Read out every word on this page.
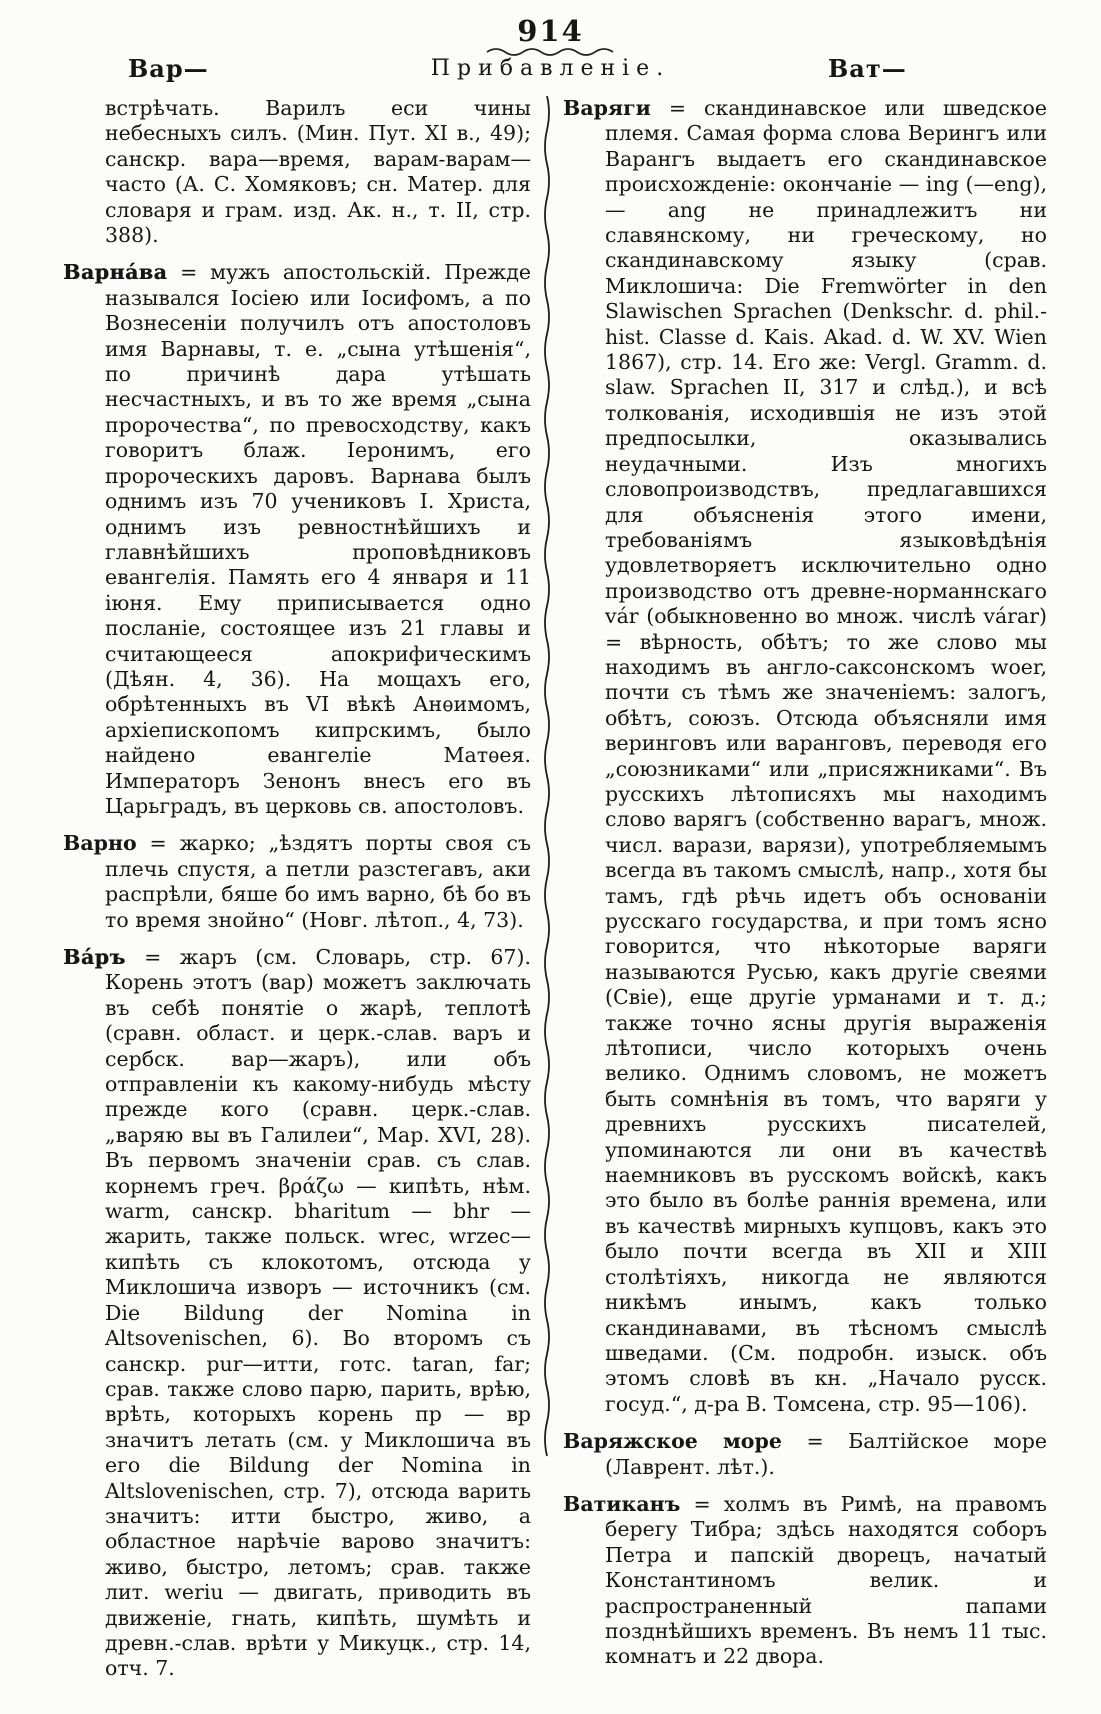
914
Вар—	Прибавленіе.	Ват—

встрѣчать. Варилъ еси чины небесныхъ силъ. (Мин. Пут. XI в., 49); санскр. вара—время, варам-варам—часто (А. С. Хомяковъ; сн. Матер. для словаря и грам. изд. Ак. н., т. II, стр. 388).

Варна́ва = мужъ апостольскій. Прежде назывался Іосіею или Іосифомъ, а по Вознесеніи получилъ отъ апостоловъ имя Варнавы, т. е. „сына утѣшенія“, по причинѣ дара утѣшать несчастныхъ, и въ то же время „сына пророчества“, по превосходству, какъ говоритъ блаж. Іеронимъ, его пророческихъ даровъ. Варнава былъ однимъ изъ 70 учениковъ І. Христа, однимъ изъ ревностнѣйшихъ и главнѣйшихъ проповѣдниковъ евангелія. Память его 4 января и 11 іюня. Ему приписывается одно посланіе, состоящее изъ 21 главы и считающееся апокрифическимъ (Дѣян. 4, 36). На мощахъ его, обрѣтенныхъ въ VI вѣкѣ Анѳимомъ, архіепископомъ кипрскимъ, было найдено евангеліе Матѳея. Императоръ Зенонъ внесъ его въ Царьградъ, въ церковь св. апостоловъ.

Варно = жарко; „ѣздятъ порты своя съ плечь спустя, а петли разстегавъ, аки распрѣли, бяше бо имъ варно, бѣ бо въ то время знойно“ (Новг. лѣтоп., 4, 73).

Ва́ръ = жаръ (см. Словарь, стр. 67). Корень этотъ (вар) можетъ заключать въ себѣ понятіе о жарѣ, теплотѣ (сравн. област. и церк.-слав. варъ и сербск. вар—жаръ), или объ отправленіи къ какому-нибудь мѣсту прежде кого (сравн. церк.-слав. „варяю вы въ Галилеи“, Мар. XVI, 28). Въ первомъ значеніи срав. съ слав. корнемъ греч. βράζω — кипѣть, нѣм. warm, санскр. bharitum — bhr — жарить, также польск. wrec, wrzec—кипѣть съ клокотомъ, отсюда у Миклошича изворъ — источникъ (см. Die Bildung der Nomina in Altsovenischen, 6). Во второмъ съ санскр. pur—итти, готс. taran, far; срав. также слово парю, парить, врѣю, врѣть, которыхъ корень пр — вр значитъ летать (см. у Миклошича въ его die Bildung der Nomina in Altslovenischen, стр. 7), отсюда варить значитъ: итти быстро, живо, а областное нарѣчіе варово значитъ: живо, быстро, летомъ; срав. также лит. weriu — двигать, приводить въ движеніе, гнать, кипѣть, шумѣть и древн.-слав. врѣти у Микуцк., стр. 14, отч. 7.

Варяги = скандинавское или шведское племя. Самая форма слова Верингъ или Варангъ выдаетъ его скандинавское происхожденіе: окончаніе — ing (—eng), — ang не принадлежитъ ни славянскому, ни греческому, но скандинавскому языку (срав. Миклошича: Die Fremwörter in den Slawischen Sprachen (Denkschr. d. phil.-hist. Classe d. Kais. Akad. d. W. XV. Wien 1867), стр. 14. Его же: Vergl. Gramm. d. slaw. Sprachen II, 317 и слѣд.), и всѣ толкованія, исходившія не изъ этой предпосылки, оказывались неудачными. Изъ многихъ словопроизводствъ, предлагавшихся для объясненія этого имени, требованіямъ языковѣдѣнія удовлетворяетъ исключительно одно производство отъ древне-норманнскаго vár (обыкновенно во множ. числѣ várar) = вѣрность, обѣтъ; то же слово мы находимъ въ англо-саксонскомъ woer, почти съ тѣмъ же значеніемъ: залогъ, обѣтъ, союзъ. Отсюда объясняли имя веринговъ или варанговъ, переводя его „союзниками“ или „присяжниками“. Въ русскихъ лѣтописяхъ мы находимъ слово варягъ (собственно варагъ, множ. числ. варази, варязи), употребляемымъ всегда въ такомъ смыслѣ, напр., хотя бы тамъ, гдѣ рѣчь идетъ объ основаніи русскаго государства, и при томъ ясно говорится, что нѣкоторые варяги называются Русью, какъ другіе свеями (Свіе), еще другіе урманами и т. д.; также точно ясны другія выраженія лѣтописи, число которыхъ очень велико. Однимъ словомъ, не можетъ быть сомнѣнія въ томъ, что варяги у древнихъ русскихъ писателей, упоминаются ли они въ качествѣ наемниковъ въ русскомъ войскѣ, какъ это было въ болѣе раннія времена, или въ качествѣ мирныхъ купцовъ, какъ это было почти всегда въ XII и XIII столѣтіяхъ, никогда не являются никѣмъ инымъ, какъ только скандинавами, въ тѣсномъ смыслѣ шведами. (См. подробн. изыск. объ этомъ словѣ въ кн. „Начало русск. госуд.“, д-ра В. Томсена, стр. 95—106).

Варяжское море = Балтійское море (Лаврент. лѣт.).

Ватиканъ = холмъ въ Римѣ, на правомъ берегу Тибра; здѣсь находятся соборъ Петра и папскій дворецъ, начатый Константиномъ велик. и распространенный папами позднѣйшихъ временъ. Въ немъ 11 тыс. комнатъ и 22 двора.
